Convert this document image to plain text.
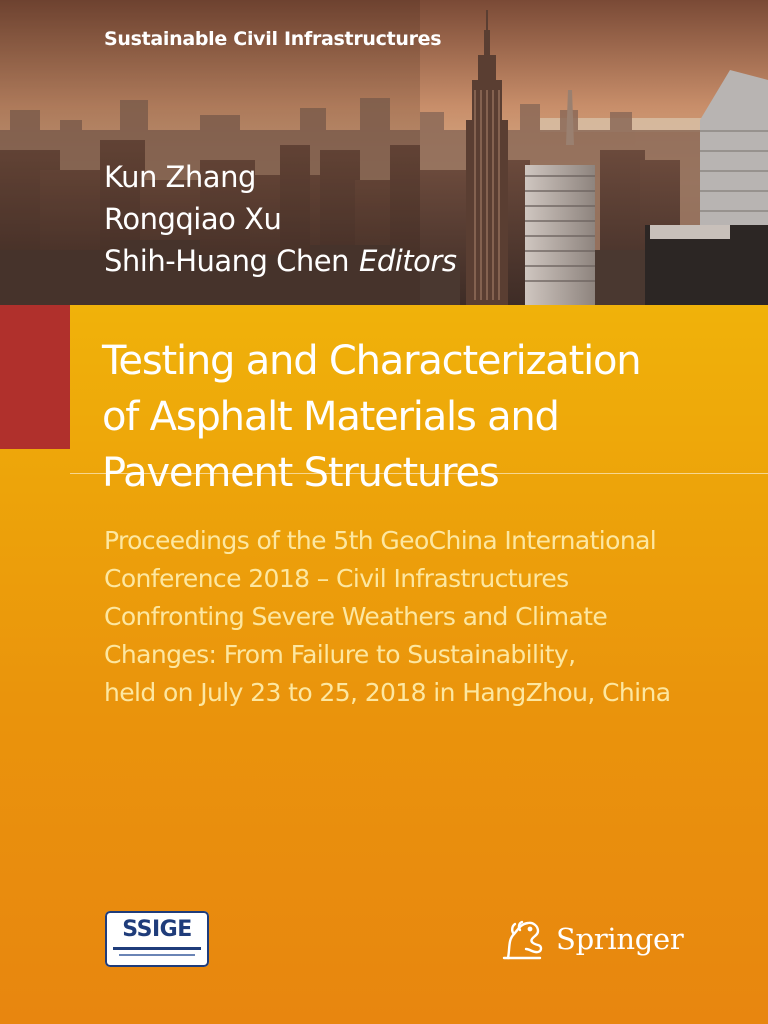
Sustainable Civil Infrastructures
Kun Zhang
Rongqiao Xu
Shih-Huang Chen Editors
Testing and Characterization
of Asphalt Materials and
Pavement Structures
Proceedings of the 5th GeoChina International
Conference 2018 – Civil Infrastructures
Confronting Severe Weathers and Climate
Changes: From Failure to Sustainability,
held on July 23 to 25, 2018 in HangZhou, China
SSIGE	Springer
